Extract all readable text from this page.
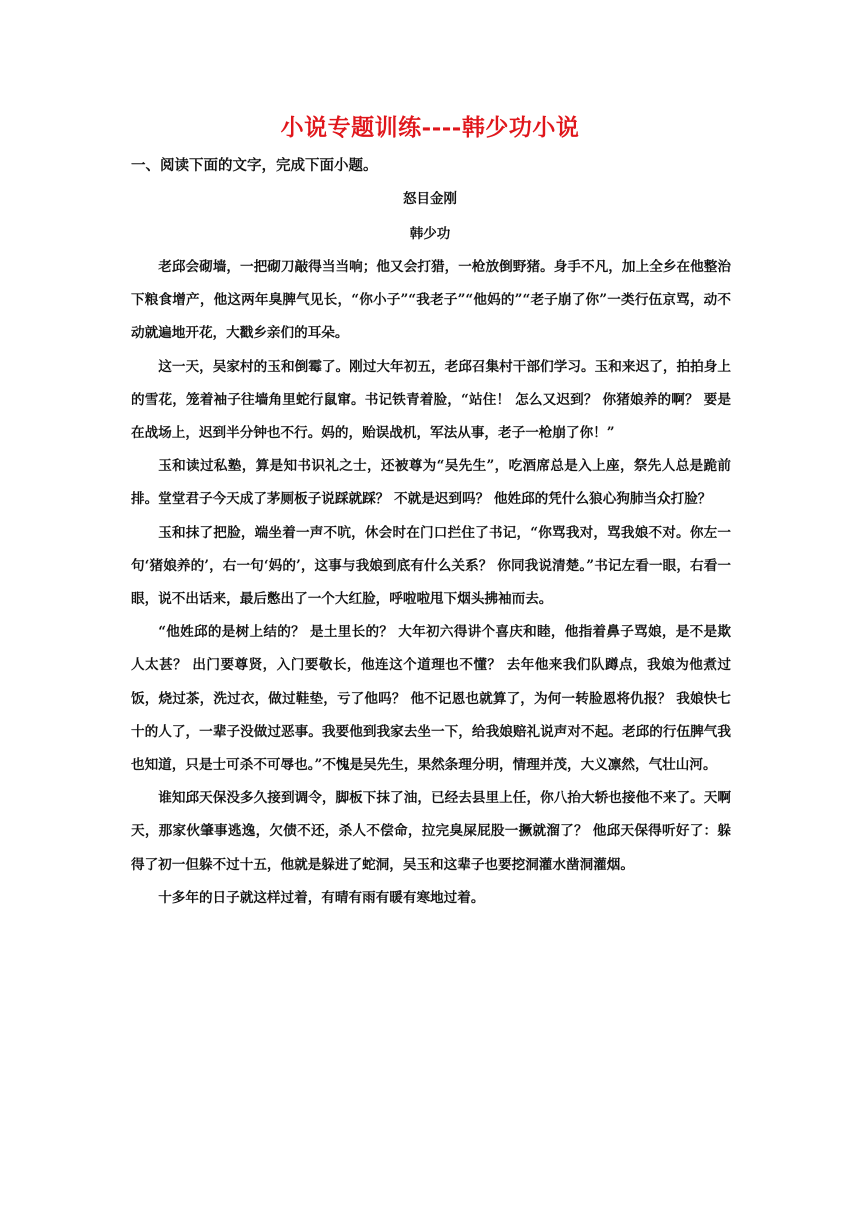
小说专题训练----韩少功小说
一、阅读下面的文字，完成下面小题。
怒目金刚
韩少功

老邱会砌墙，一把砌刀敲得当当响；他又会打猎，一枪放倒野猪。身手不凡，加上全乡在他整治下粮食增产，他这两年臭脾气见长，“你小子”“我老子”“他妈的”“老子崩了你”一类行伍京骂，动不动就遍地开花，大戳乡亲们的耳朵。

这一天，吴家村的玉和倒霉了。刚过大年初五，老邱召集村干部们学习。玉和来迟了，拍拍身上的雪花，笼着袖子往墙角里蛇行鼠窜。书记铁青着脸，“站住！ 怎么又迟到？ 你猪娘养的啊？ 要是在战场上，迟到半分钟也不行。妈的，贻误战机，军法从事，老子一枪崩了你！”

玉和读过私塾，算是知书识礼之士，还被尊为“吴先生”，吃酒席总是入上座，祭先人总是跪前排。堂堂君子今天成了茅厕板子说踩就踩？ 不就是迟到吗？ 他姓邱的凭什么狼心狗肺当众打脸？

玉和抹了把脸，端坐着一声不吭，休会时在门口拦住了书记，“你骂我对，骂我娘不对。你左一句‘猪娘养的’，右一句‘妈的’，这事与我娘到底有什么关系？ 你同我说清楚。”书记左看一眼，右看一眼，说不出话来，最后憋出了一个大红脸，呼啦啦甩下烟头拂袖而去。

“他姓邱的是树上结的？ 是土里长的？ 大年初六得讲个喜庆和睦，他指着鼻子骂娘，是不是欺人太甚？ 出门要尊贤，入门要敬长，他连这个道理也不懂？ 去年他来我们队蹲点，我娘为他煮过饭，烧过茶，洗过衣，做过鞋垫，亏了他吗？ 他不记恩也就算了，为何一转脸恩将仇报？ 我娘快七十的人了，一辈子没做过恶事。我要他到我家去坐一下，给我娘赔礼说声对不起。老邱的行伍脾气我也知道，只是士可杀不可辱也。”不愧是吴先生，果然条理分明，情理并茂，大义凛然，气壮山河。

谁知邱天保没多久接到调令，脚板下抹了油，已经去县里上任，你八抬大轿也接他不来了。天啊天，那家伙肇事逃逸，欠债不还，杀人不偿命，拉完臭屎屁股一撅就溜了？ 他邱天保得听好了：躲得了初一但躲不过十五，他就是躲进了蛇洞，吴玉和这辈子也要挖洞灌水凿洞灌烟。

十多年的日子就这样过着，有晴有雨有暖有寒地过着。
